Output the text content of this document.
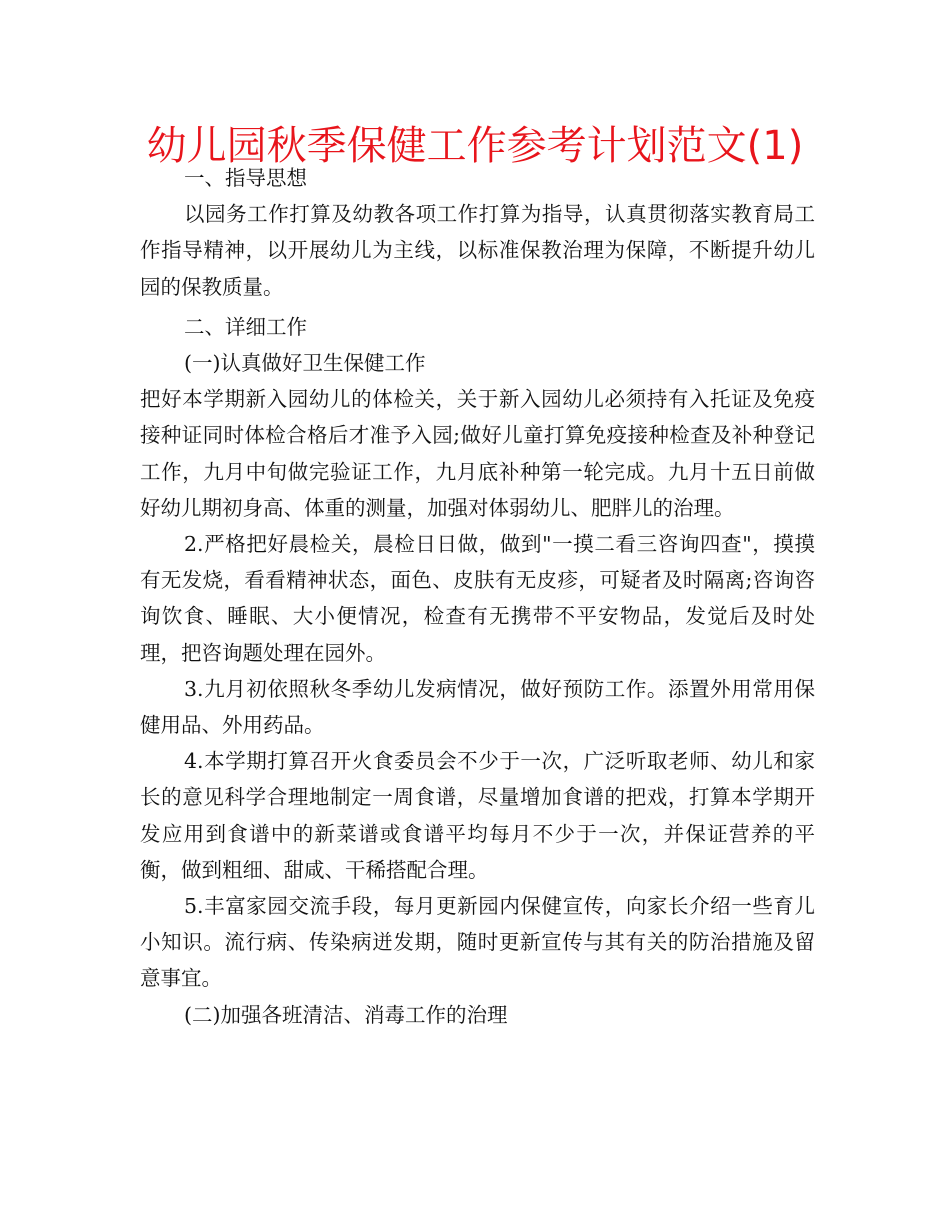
幼儿园秋季保健工作参考计划范文(1)

一、指导思想

以园务工作打算及幼教各项工作打算为指导，认真贯彻落实教育局工作指导精神，以开展幼儿为主线，以标准保教治理为保障，不断提升幼儿园的保教质量。

二、详细工作

(一)认真做好卫生保健工作

把好本学期新入园幼儿的体检关，关于新入园幼儿必须持有入托证及免疫接种证同时体检合格后才准予入园;做好儿童打算免疫接种检查及补种登记工作，九月中旬做完验证工作，九月底补种第一轮完成。九月十五日前做好幼儿期初身高、体重的测量，加强对体弱幼儿、肥胖儿的治理。

2.严格把好晨检关，晨检日日做，做到"一摸二看三咨询四查"，摸摸有无发烧，看看精神状态，面色、皮肤有无皮疹，可疑者及时隔离;咨询咨询饮食、睡眠、大小便情况，检查有无携带不平安物品，发觉后及时处理，把咨询题处理在园外。

3.九月初依照秋冬季幼儿发病情况，做好预防工作。添置外用常用保健用品、外用药品。

4.本学期打算召开火食委员会不少于一次，广泛听取老师、幼儿和家长的意见科学合理地制定一周食谱，尽量增加食谱的把戏，打算本学期开发应用到食谱中的新菜谱或食谱平均每月不少于一次，并保证营养的平衡，做到粗细、甜咸、干稀搭配合理。

5.丰富家园交流手段，每月更新园内保健宣传，向家长介绍一些育儿小知识。流行病、传染病迸发期，随时更新宣传与其有关的防治措施及留意事宜。

(二)加强各班清洁、消毒工作的治理
